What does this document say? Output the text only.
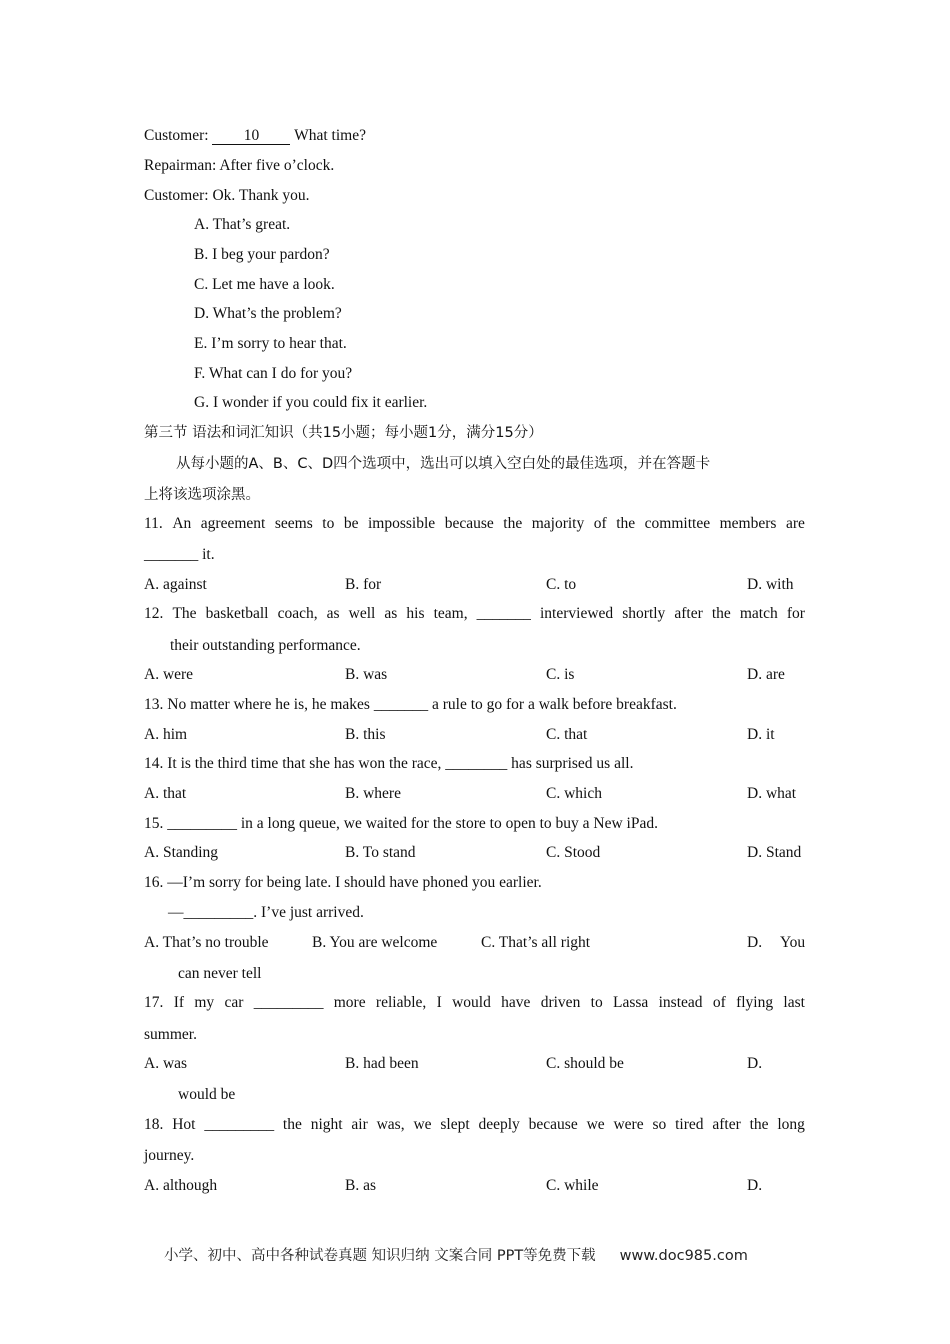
Customer: 10 What time?
Repairman: After five o’clock.
Customer: Ok. Thank you.
A. That’s great.
B. I beg your pardon?
C. Let me have a look.
D. What’s the problem?
E. I’m sorry to hear that.
F. What can I do for you?
G. I wonder if you could fix it earlier.
第三节 语法和词汇知识（共15小题；每小题1分，满分15分）
从每小题的A、B、C、D四个选项中，选出可以填入空白处的最佳选项，并在答题卡
上将该选项涂黑。
11. An agreement seems to be impossible because the majority of the committee members are
_______ it.
A. against	B. for	C. to	D. with
12. The basketball coach, as well as his team, _______ interviewed shortly after the match for
their outstanding performance.
A. were	B. was	C. is	D. are
13. No matter where he is, he makes _______ a rule to go for a walk before breakfast.
A. him	B. this	C. that	D. it
14. It is the third time that she has won the race, ________ has surprised us all.
A. that	B. where	C. which	D. what
15. _________ in a long queue, we waited for the store to open to buy a New iPad.
A. Standing	B. To stand	C. Stood	D. Stand
16. —I’m sorry for being late. I should have phoned you earlier.
—_________. I’ve just arrived.
A. That’s no trouble	B. You are welcome	C. That’s all right	D. You
can never tell
17. If my car _________ more reliable, I would have driven to Lassa instead of flying last
summer.
A. was	B. had been	C. should be	D.
would be
18. Hot _________ the night air was, we slept deeply because we were so tired after the long
journey.
A. although	B. as	C. while	D.
小学、初中、高中各种试卷真题 知识归纳 文案合同 PPT等免费下载 www.doc985.com
